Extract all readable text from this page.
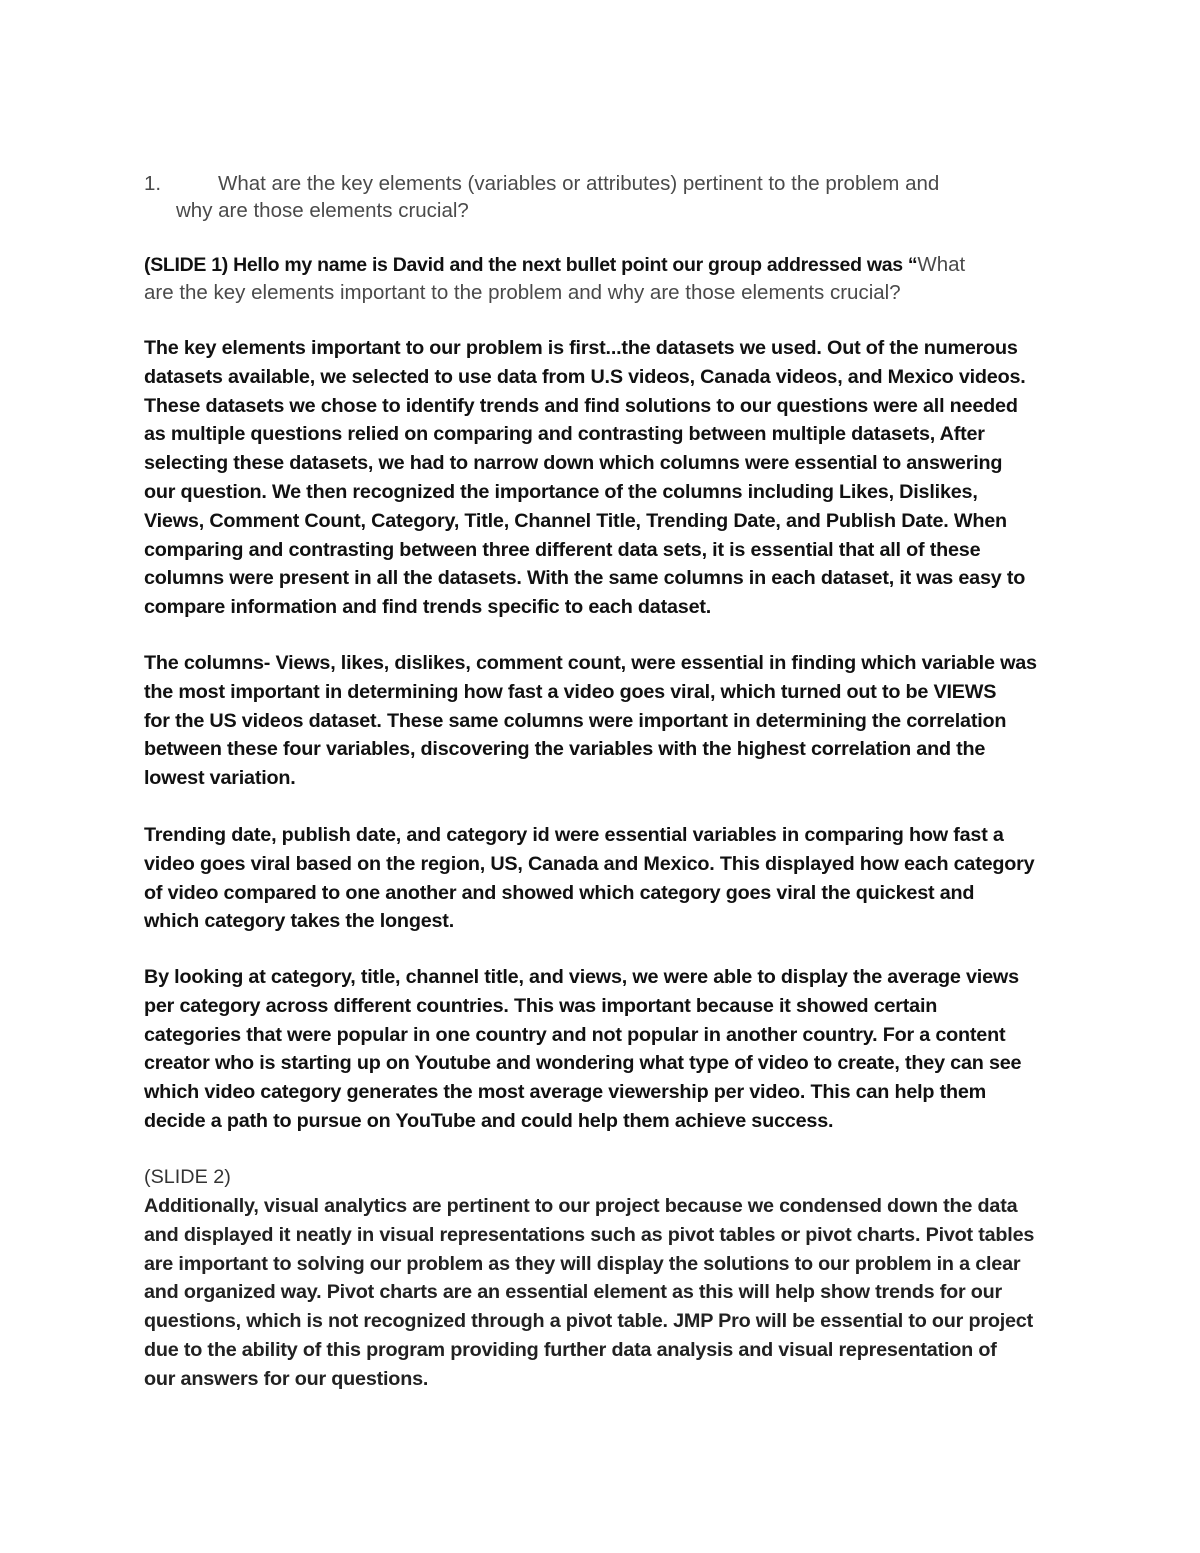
1.	What are the key elements (variables or attributes) pertinent to the problem and
why are those elements crucial?
(SLIDE 1) Hello my name is David and the next bullet point our group addressed was “What
are the key elements important to the problem and why are those elements crucial?
The key elements important to our problem is first...the datasets we used. Out of the numerous
datasets available, we selected to use data from U.S videos, Canada videos, and Mexico videos.
These datasets we chose to identify trends and find solutions to our questions were all needed
as multiple questions relied on comparing and contrasting between multiple datasets, After
selecting these datasets, we had to narrow down which columns were essential to answering
our question. We then recognized the importance of the columns including Likes, Dislikes,
Views, Comment Count, Category, Title, Channel Title, Trending Date, and Publish Date. When
comparing and contrasting between three different data sets, it is essential that all of these
columns were present in all the datasets. With the same columns in each dataset, it was easy to
compare information and find trends specific to each dataset.
The columns- Views, likes, dislikes, comment count, were essential in finding which variable was
the most important in determining how fast a video goes viral, which turned out to be VIEWS
for the US videos dataset. These same columns were important in determining the correlation
between these four variables, discovering the variables with the highest correlation and the
lowest variation.
Trending date, publish date, and category id were essential variables in comparing how fast a
video goes viral based on the region, US, Canada and Mexico. This displayed how each category
of video compared to one another and showed which category goes viral the quickest and
which category takes the longest.
By looking at category, title, channel title, and views, we were able to display the average views
per category across different countries. This was important because it showed certain
categories that were popular in one country and not popular in another country. For a content
creator who is starting up on Youtube and wondering what type of video to create, they can see
which video category generates the most average viewership per video. This can help them
decide a path to pursue on YouTube and could help them achieve success.
(SLIDE 2)
Additionally, visual analytics are pertinent to our project because we condensed down the data
and displayed it neatly in visual representations such as pivot tables or pivot charts. Pivot tables
are important to solving our problem as they will display the solutions to our problem in a clear
and organized way. Pivot charts are an essential element as this will help show trends for our
questions, which is not recognized through a pivot table. JMP Pro will be essential to our project
due to the ability of this program providing further data analysis and visual representation of
our answers for our questions.
